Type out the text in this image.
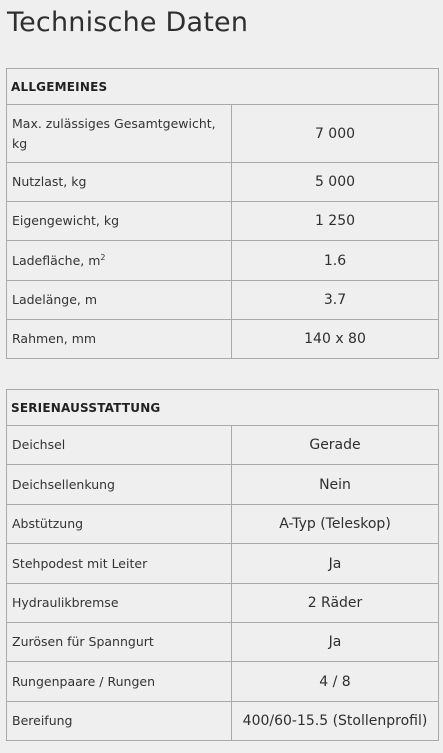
Technische Daten
ALLGEMEINES	
Max. zulässiges Gesamtgewicht, kg	7 000
Nutzlast, kg	5 000
Eigengewicht, kg	1 250
Ladefläche, $m^2$	1.6
Ladelänge, m	3.7
Rahmen, mm	140 x 80
SERIENAUSSTATTUNG	
Deichsel	Gerade
Deichsellenkung	Nein
Abstützung	A-Typ (Teleskop)
Stehpodest mit Leiter	Ja
Hydraulikbremse	2 Räder
Zurösen für Spanngurt	Ja
Rungenpaare / Rungen	4 / 8
Bereifung	400/60-15.5 (Stollenprofil)
